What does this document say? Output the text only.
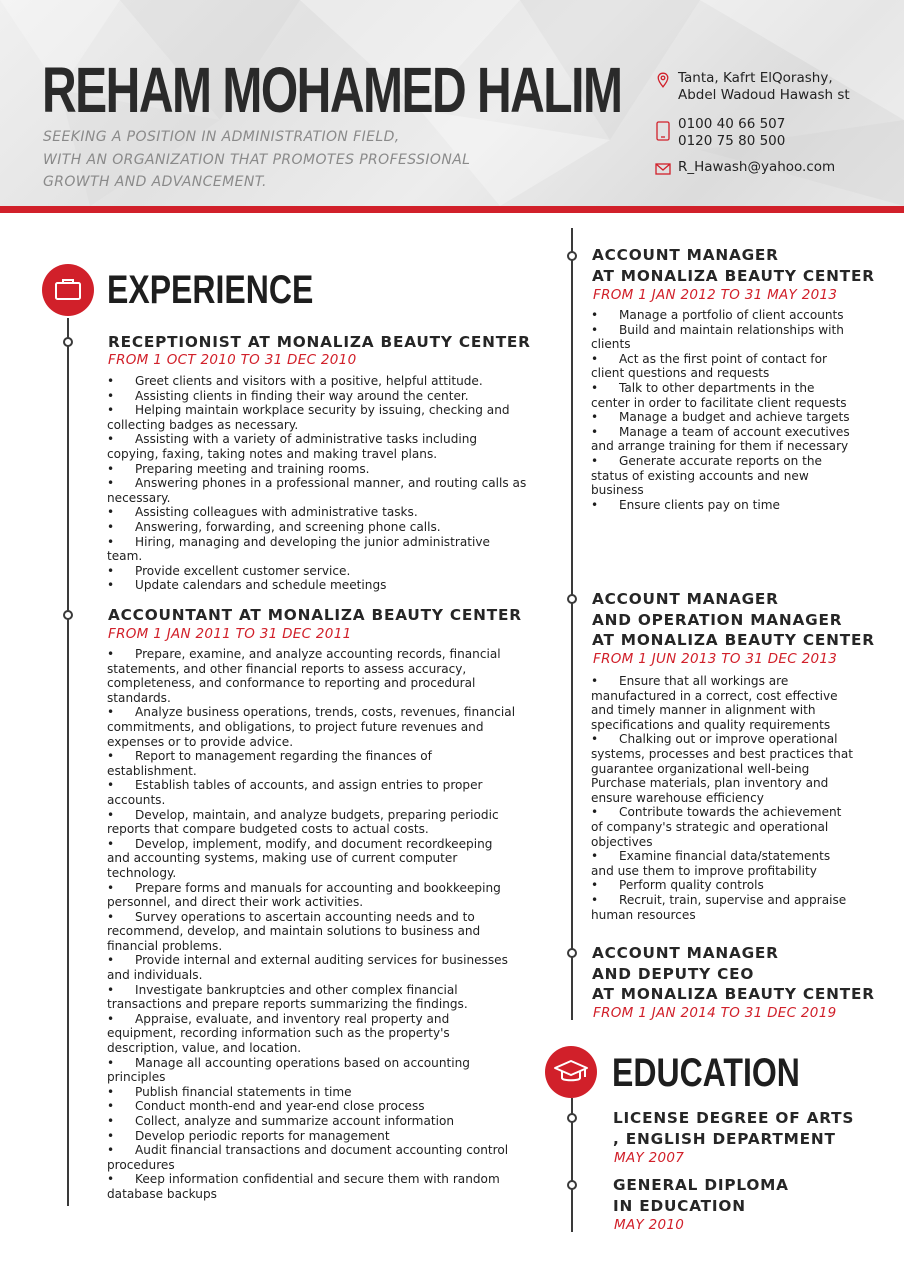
REHAM MOHAMED HALIM
SEEKING A POSITION IN ADMINISTRATION FIELD,
WITH AN ORGANIZATION THAT PROMOTES PROFESSIONAL
GROWTH AND ADVANCEMENT.
Tanta, Kafrt ElQorashy,
Abdel Wadoud Hawash st
0100 40 66 507
0120 75 80 500
R_Hawash@yahoo.com
EXPERIENCE
RECEPTIONIST AT MONALIZA BEAUTY CENTER
FROM 1 OCT 2010 TO 31 DEC 2010
• Greet clients and visitors with a positive, helpful attitude.
• Assisting clients in finding their way around the center.
• Helping maintain workplace security by issuing, checking and collecting badges as necessary.
• Assisting with a variety of administrative tasks including copying, faxing, taking notes and making travel plans.
• Preparing meeting and training rooms.
• Answering phones in a professional manner, and routing calls as necessary.
• Assisting colleagues with administrative tasks.
• Answering, forwarding, and screening phone calls.
• Hiring, managing and developing the junior administrative team.
• Provide excellent customer service.
• Update calendars and schedule meetings
ACCOUNTANT AT MONALIZA BEAUTY CENTER
FROM 1 JAN 2011 TO 31 DEC 2011
• Prepare, examine, and analyze accounting records, financial statements, and other financial reports to assess accuracy, completeness, and conformance to reporting and procedural standards.
• Analyze business operations, trends, costs, revenues, financial commitments, and obligations, to project future revenues and expenses or to provide advice.
• Report to management regarding the finances of establishment.
• Establish tables of accounts, and assign entries to proper accounts.
• Develop, maintain, and analyze budgets, preparing periodic reports that compare budgeted costs to actual costs.
• Develop, implement, modify, and document recordkeeping and accounting systems, making use of current computer technology.
• Prepare forms and manuals for accounting and bookkeeping personnel, and direct their work activities.
• Survey operations to ascertain accounting needs and to recommend, develop, and maintain solutions to business and financial problems.
• Provide internal and external auditing services for businesses and individuals.
• Investigate bankruptcies and other complex financial transactions and prepare reports summarizing the findings.
• Appraise, evaluate, and inventory real property and equipment, recording information such as the property's description, value, and location.
• Manage all accounting operations based on accounting principles
• Publish financial statements in time
• Conduct month-end and year-end close process
• Collect, analyze and summarize account information
• Develop periodic reports for management
• Audit financial transactions and document accounting control procedures
• Keep information confidential and secure them with random database backups
ACCOUNT MANAGER
AT MONALIZA BEAUTY CENTER
FROM 1 JAN 2012 TO 31 MAY 2013
• Manage a portfolio of client accounts
• Build and maintain relationships with clients
• Act as the first point of contact for client questions and requests
• Talk to other departments in the center in order to facilitate client requests
• Manage a budget and achieve targets
• Manage a team of account executives and arrange training for them if necessary
• Generate accurate reports on the status of existing accounts and new business
• Ensure clients pay on time
ACCOUNT MANAGER
AND OPERATION MANAGER
AT MONALIZA BEAUTY CENTER
FROM 1 JUN 2013 TO 31 DEC 2013
• Ensure that all workings are manufactured in a correct, cost effective and timely manner in alignment with specifications and quality requirements
• Chalking out or improve operational systems, processes and best practices that guarantee organizational well-being Purchase materials, plan inventory and ensure warehouse efficiency
• Contribute towards the achievement of company's strategic and operational objectives
• Examine financial data/statements and use them to improve profitability
• Perform quality controls
• Recruit, train, supervise and appraise human resources
ACCOUNT MANAGER
AND DEPUTY CEO
AT MONALIZA BEAUTY CENTER
FROM 1 JAN 2014 TO 31 DEC 2019
EDUCATION
LICENSE DEGREE OF ARTS
, ENGLISH DEPARTMENT
MAY 2007
GENERAL DIPLOMA
IN EDUCATION
MAY 2010
